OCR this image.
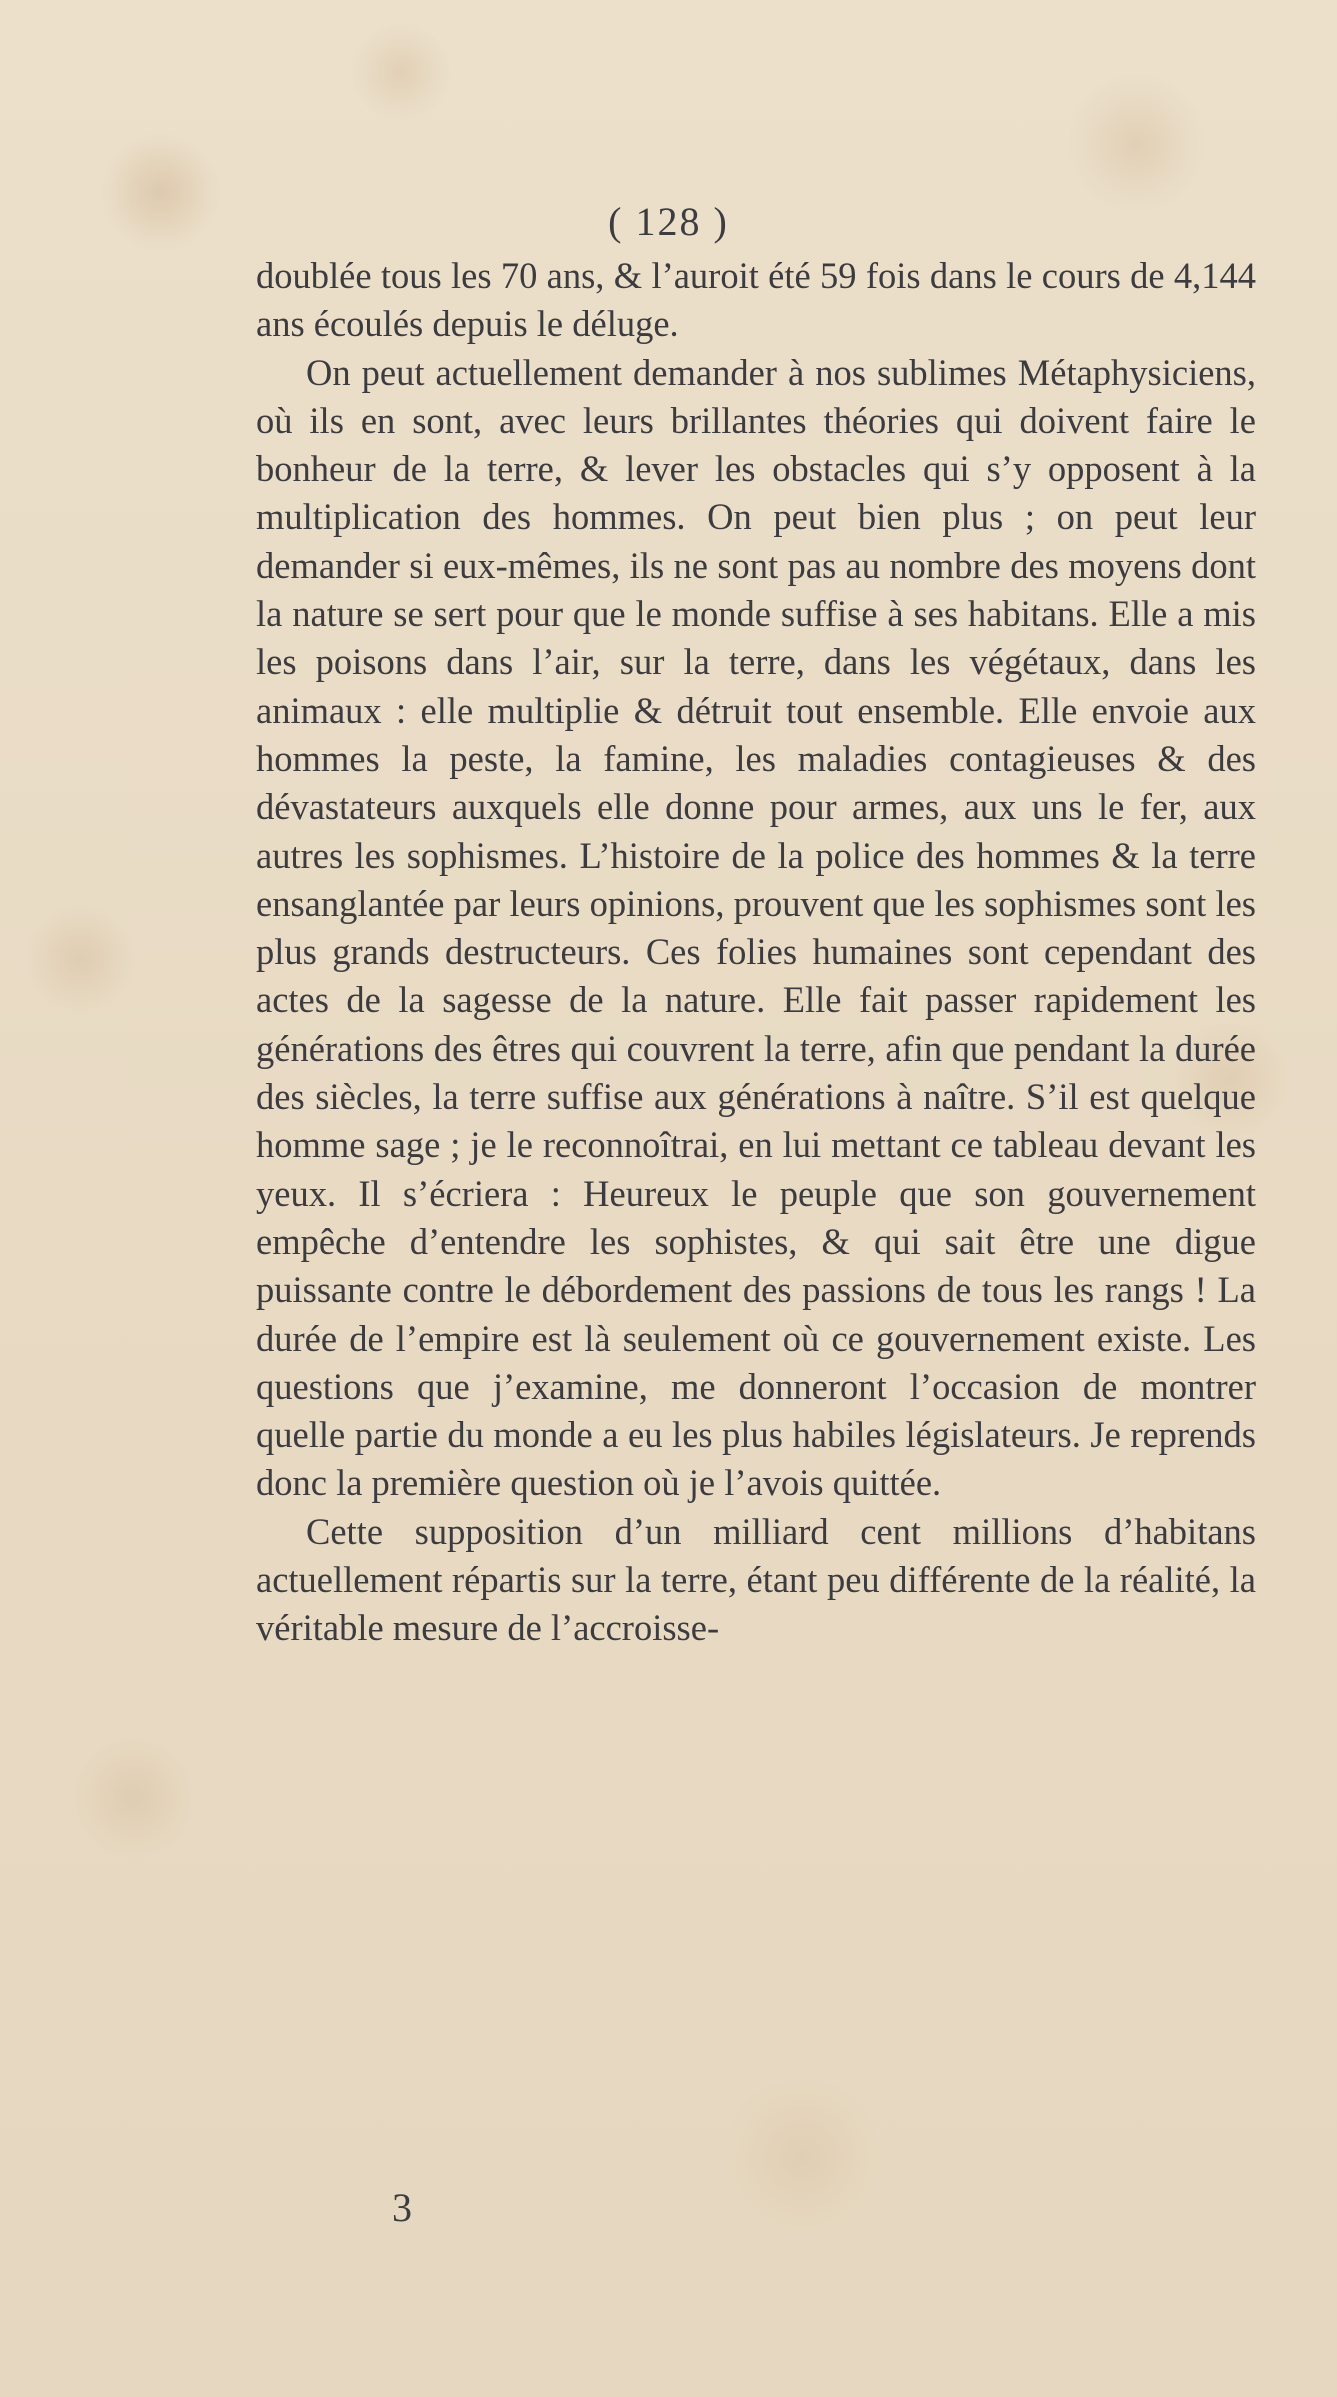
( 128 )

doublée tous les 70 ans, & l’auroit été 59 fois dans le cours de 4,144 ans écoulés depuis le déluge.

On peut actuellement demander à nos sublimes Métaphysiciens, où ils en sont, avec leurs brillantes théories qui doivent faire le bonheur de la terre, & lever les obstacles qui s’y opposent à la multiplication des hommes. On peut bien plus ; on peut leur demander si eux-mêmes, ils ne sont pas au nombre des moyens dont la nature se sert pour que le monde suffise à ses habitans. Elle a mis les poisons dans l’air, sur la terre, dans les végétaux, dans les animaux : elle multiplie & détruit tout ensemble. Elle envoie aux hommes la peste, la famine, les maladies contagieuses & des dévastateurs auxquels elle donne pour armes, aux uns le fer, aux autres les sophismes. L’histoire de la police des hommes & la terre ensanglantée par leurs opinions, prouvent que les sophismes sont les plus grands destructeurs. Ces folies humaines sont cependant des actes de la sagesse de la nature. Elle fait passer rapidement les générations des êtres qui couvrent la terre, afin que pendant la durée des siècles, la terre suffise aux générations à naître. S’il est quelque homme sage ; je le reconnoîtrai, en lui mettant ce tableau devant les yeux. Il s’écriera : Heureux le peuple que son gouvernement empêche d’entendre les sophistes, & qui sait être une digue puissante contre le débordement des passions de tous les rangs ! La durée de l’empire est là seulement où ce gouvernement existe. Les questions que j’examine, me donneront l’occasion de montrer quelle partie du monde a eu les plus habiles législateurs. Je reprends donc la première question où je l’avois quittée.

Cette supposition d’un milliard cent millions d’habitans actuellement répartis sur la terre, étant peu différente de la réalité, la véritable mesure de l’accroisse-

3
